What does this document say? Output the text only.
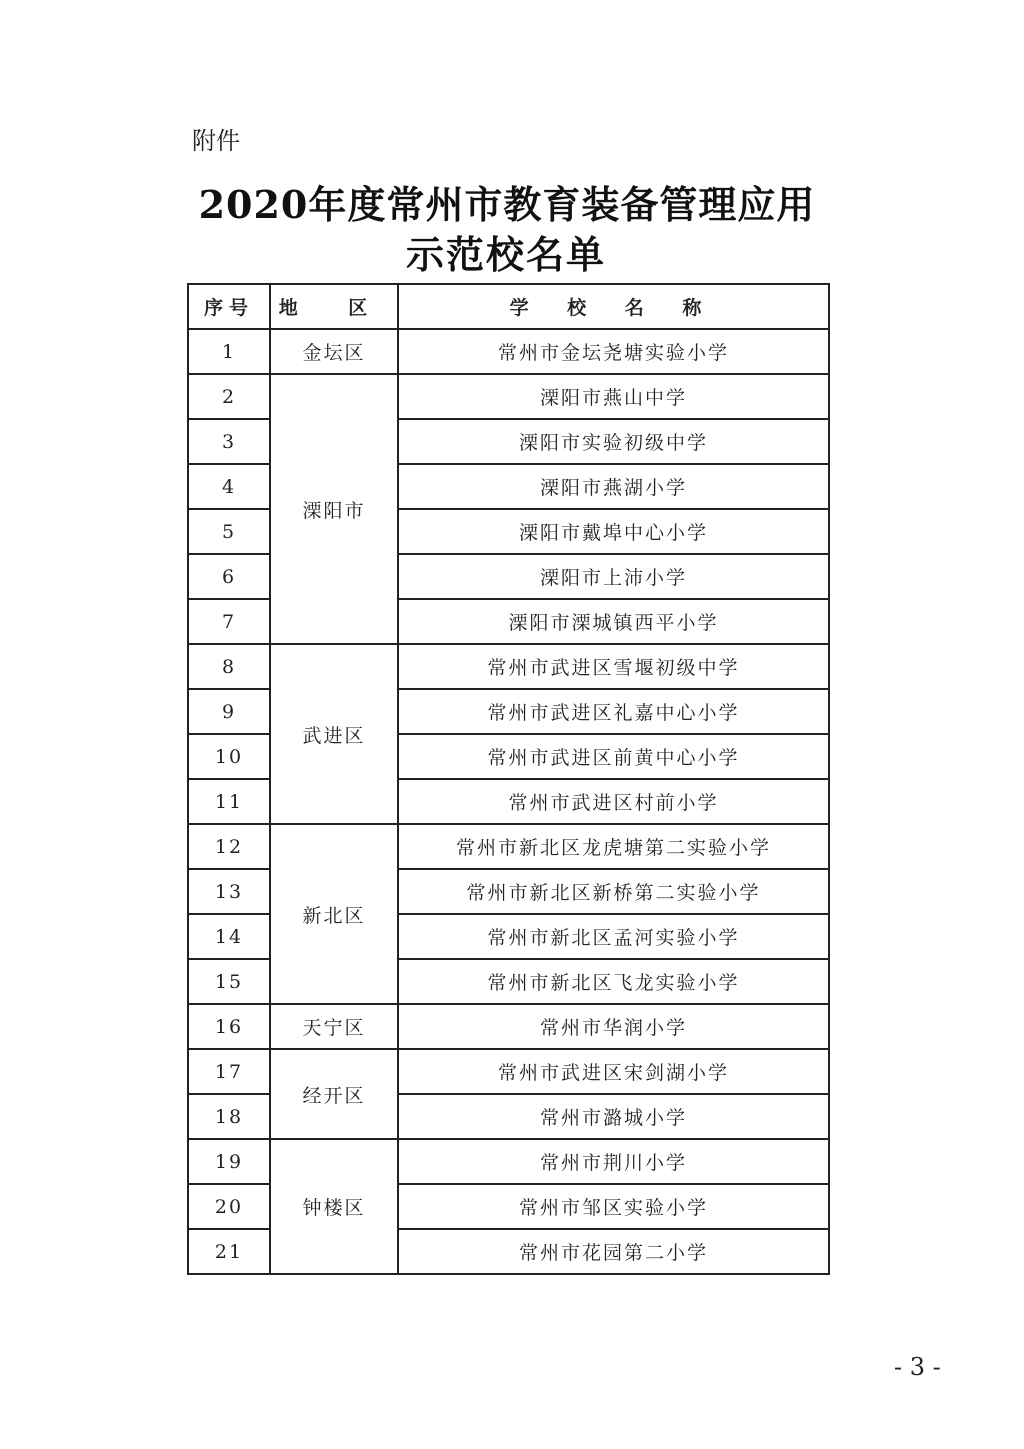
附件
2020年度常州市教育装备管理应用
示范校名单
序号	地 区	学 校 名 称
1	金坛区	常州市金坛尧塘实验小学
2	溧阳市	溧阳市燕山中学
3		溧阳市实验初级中学
4		溧阳市燕湖小学
5		溧阳市戴埠中心小学
6		溧阳市上沛小学
7		溧阳市溧城镇西平小学
8	武进区	常州市武进区雪堰初级中学
9		常州市武进区礼嘉中心小学
10		常州市武进区前黄中心小学
11		常州市武进区村前小学
12	新北区	常州市新北区龙虎塘第二实验小学
13		常州市新北区新桥第二实验小学
14		常州市新北区孟河实验小学
15		常州市新北区飞龙实验小学
16	天宁区	常州市华润小学
17	经开区	常州市武进区宋剑湖小学
18		常州市潞城小学
19	钟楼区	常州市荆川小学
20		常州市邹区实验小学
21		常州市花园第二小学
- 3 -
